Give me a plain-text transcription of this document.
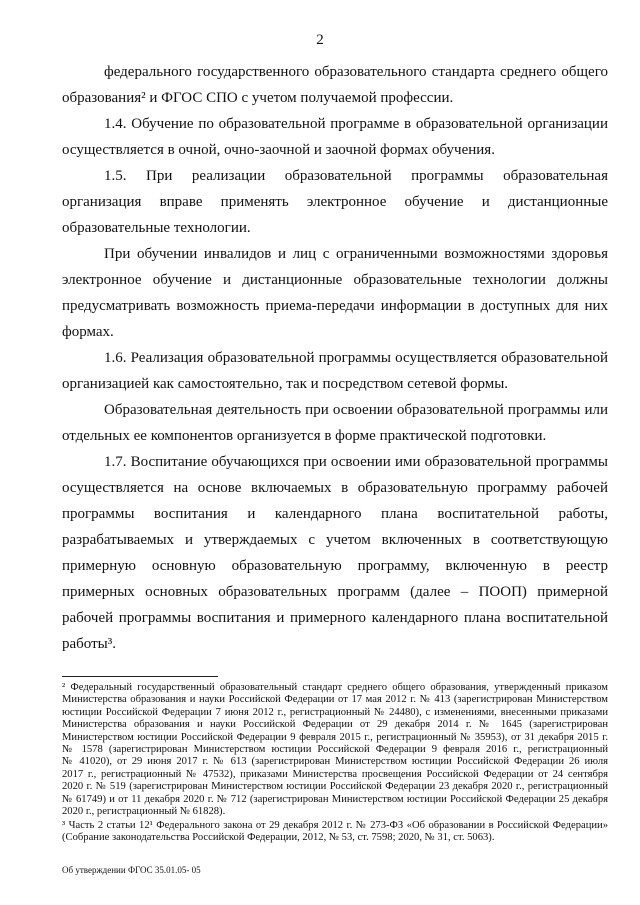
2
федерального государственного образовательного стандарта среднего общего
образования² и ФГОС СПО с учетом получаемой профессии.
1.4. Обучение по образовательной программе в образовательной организации
осуществляется в очной, очно-заочной и заочной формах обучения.
1.5. При реализации образовательной программы образовательная
организация вправе применять электронное обучение и дистанционные
образовательные технологии.
При обучении инвалидов и лиц с ограниченными возможностями здоровья
электронное обучение и дистанционные образовательные технологии должны
предусматривать возможность приема-передачи информации в доступных для них
формах.
1.6. Реализация образовательной программы осуществляется образовательной
организацией как самостоятельно, так и посредством сетевой формы.
Образовательная деятельность при освоении образовательной программы или
отдельных ее компонентов организуется в форме практической подготовки.
1.7. Воспитание обучающихся при освоении ими образовательной программы
осуществляется на основе включаемых в образовательную программу рабочей
программы воспитания и календарного плана воспитательной работы,
разрабатываемых и утверждаемых с учетом включенных в соответствующую
примерную основную образовательную программу, включенную в реестр
примерных основных образовательных программ (далее – ПООП) примерной
рабочей программы воспитания и примерного календарного плана воспитательной
работы³.
² Федеральный государственный образовательный стандарт среднего общего образования, утвержденный приказом
Министерства образования и науки Российской Федерации от 17 мая 2012 г. № 413 (зарегистрирован Министерством
юстиции Российской Федерации 7 июня 2012 г., регистрационный № 24480), с изменениями, внесенными приказами
Министерства образования и науки Российской Федерации от 29 декабря 2014 г. № 1645 (зарегистрирован
Министерством юстиции Российской Федерации 9 февраля 2015 г., регистрационный № 35953), от 31 декабря 2015 г.
№ 1578 (зарегистрирован Министерством юстиции Российской Федерации 9 февраля 2016 г., регистрационный
№ 41020), от 29 июня 2017 г. № 613 (зарегистрирован Министерством юстиции Российской Федерации 26 июля
2017 г., регистрационный № 47532), приказами Министерства просвещения Российской Федерации от 24 сентября
2020 г. № 519 (зарегистрирован Министерством юстиции Российской Федерации 23 декабря 2020 г., регистрационный
№ 61749) и от 11 декабря 2020 г. № 712 (зарегистрирован Министерством юстиции Российской Федерации 25 декабря
2020 г., регистрационный № 61828).
³ Часть 2 статьи 12¹ Федерального закона от 29 декабря 2012 г. № 273-ФЗ «Об образовании в Российской Федерации»
(Собрание законодательства Российской Федерации, 2012, № 53, ст. 7598; 2020, № 31, ст. 5063).
Об утверждении ФГОС 35.01.05- 05
